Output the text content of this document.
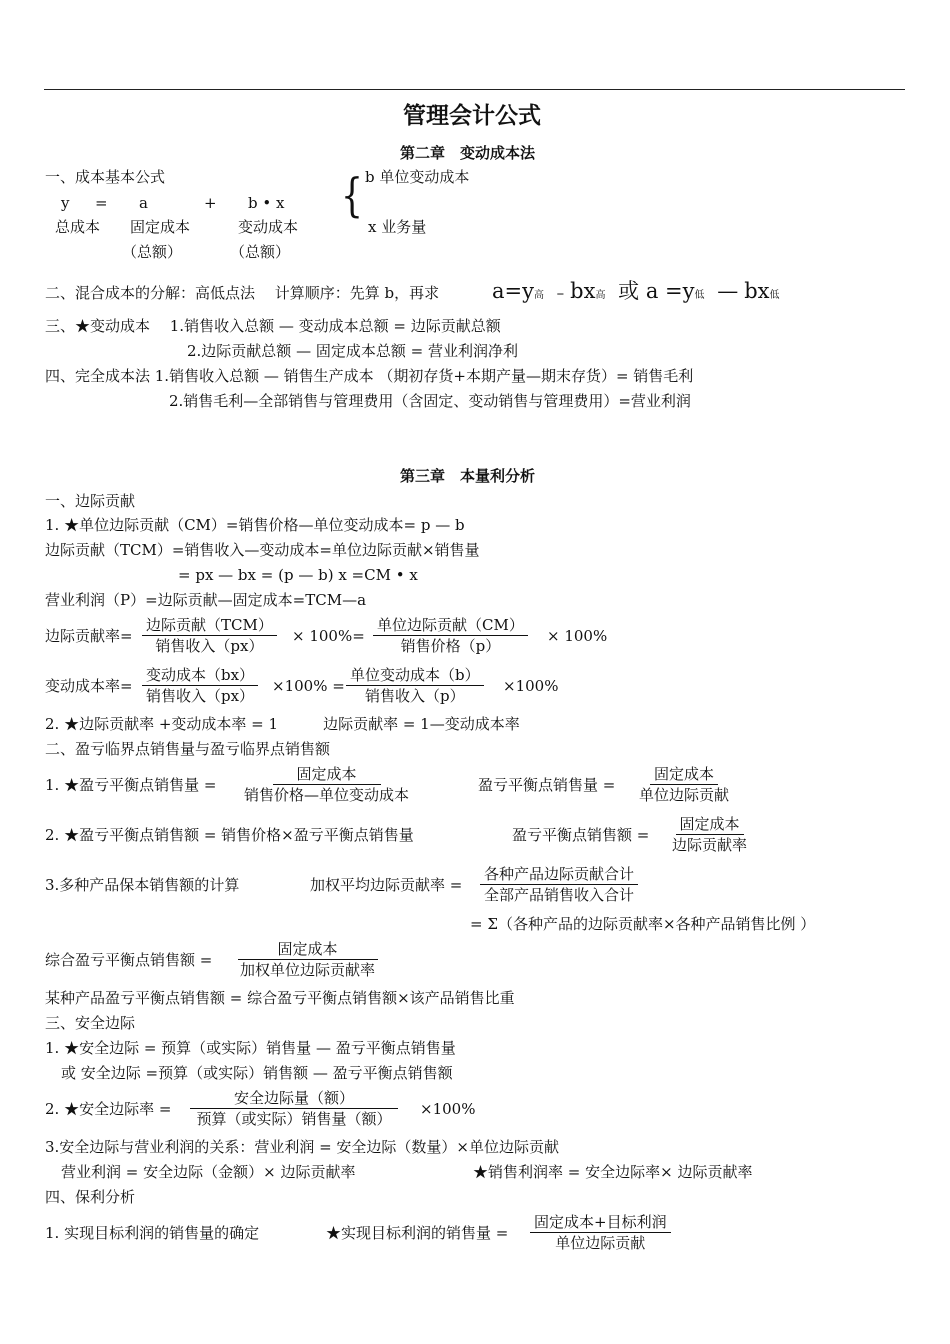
管理会计公式
第二章　变动成本法
一、成本基本公式
y = a	+ b • x
总成本 固定成本	变动成本
（总额）	（总额）
{ b 单位变动成本
x 业务量
二、混合成本的分解：高低点法　 计算顺序：先算 b，再求	a=y高 – bx高 或 a =y低 — bx低
三、★变动成本　 1.销售收入总额 — 变动成本总额 = 边际贡献总额
2.边际贡献总额 — 固定成本总额 = 营业利润净利
四、完全成本法 1.销售收入总额 — 销售生产成本 （期初存货+本期产量—期末存货）= 销售毛利
2.销售毛利—全部销售与管理费用（含固定、变动销售与管理费用）=营业利润
第三章　本量利分析
一、边际贡献
1. ★单位边际贡献（CM）=销售价格—单位变动成本= p — b
边际贡献（TCM）=销售收入—变动成本=单位边际贡献×销售量
= px — bx = (p — b) x =CM • x
营业利润（P）=边际贡献—固定成本=TCM—a
边际贡献率=
边际贡献（TCM）
销售收入（px）
× 100%=
单位边际贡献（CM）
销售价格（p）
× 100%
变动成本率=
变动成本（bx）
销售收入（px）
×100% =
单位变动成本（b）
销售收入（p）
×100%
2. ★边际贡献率 +变动成本率 = 1　　　边际贡献率 = 1—变动成本率
二、盈亏临界点销售量与盈亏临界点销售额
1. ★盈亏平衡点销售量 =
固定成本
销售价格—单位变动成本
盈亏平衡点销售量 =
固定成本
单位边际贡献
2. ★盈亏平衡点销售额 = 销售价格×盈亏平衡点销售量	盈亏平衡点销售额 =
固定成本
边际贡献率
3.多种产品保本销售额的计算	加权平均边际贡献率 =
各种产品边际贡献合计
全部产品销售收入合计
= Σ（各种产品的边际贡献率×各种产品销售比例 ）
综合盈亏平衡点销售额 =
固定成本
加权单位边际贡献率
某种产品盈亏平衡点销售额 = 综合盈亏平衡点销售额×该产品销售比重
三、安全边际
1. ★安全边际 = 预算（或实际）销售量 — 盈亏平衡点销售量
或 安全边际 =预算（或实际）销售额 — 盈亏平衡点销售额
2. ★安全边际率 =
安全边际量（额）
预算（或实际）销售量（额）
×100%
3.安全边际与营业利润的关系：营业利润 = 安全边际（数量）×单位边际贡献
营业利润 = 安全边际（金额）× 边际贡献率	★销售利润率 = 安全边际率× 边际贡献率
四、保利分析
1. 实现目标利润的销售量的确定	★实现目标利润的销售量 =
固定成本+目标利润
单位边际贡献
